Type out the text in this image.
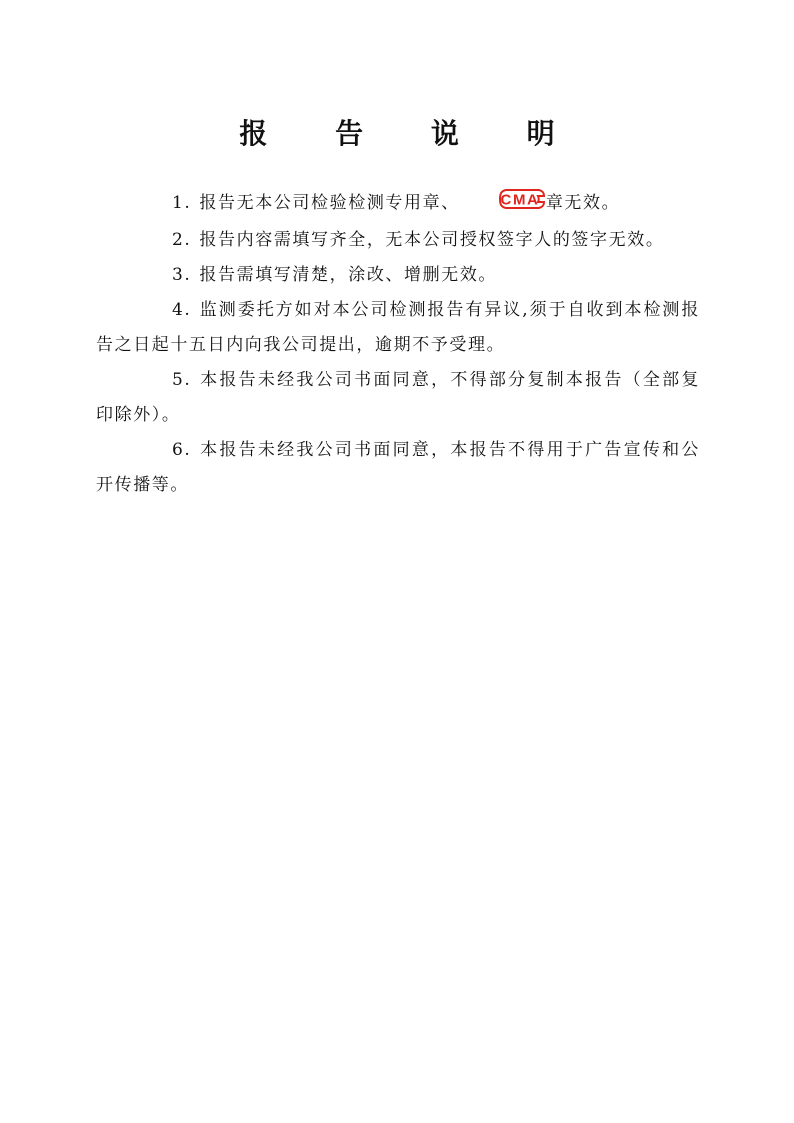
报 告 说 明

1. 报告无本公司检验检测专用章、	CMA 章无效。

2. 报告内容需填写齐全，无本公司授权签字人的签字无效。

3. 报告需填写清楚，涂改、增删无效。

4. 监测委托方如对本公司检测报告有异议,须于自收到本检测报告之日起十五日内向我公司提出，逾期不予受理。

5. 本报告未经我公司书面同意，不得部分复制本报告（全部复印除外）。

6. 本报告未经我公司书面同意，本报告不得用于广告宣传和公开传播等。
